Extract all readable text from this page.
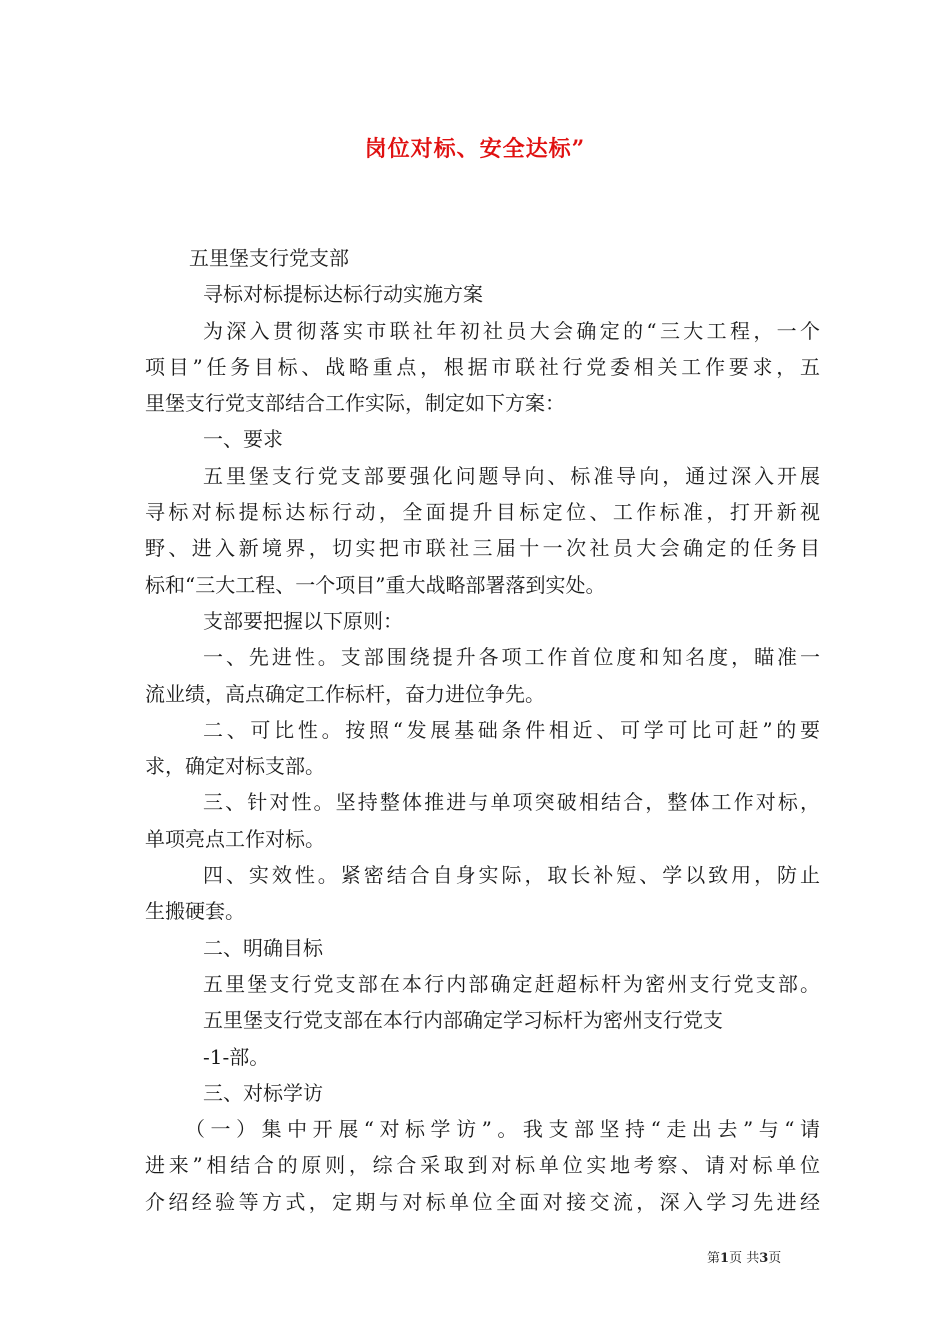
岗位对标、安全达标”
五里堡支行党支部
寻标对标提标达标行动实施方案
为深入贯彻落实市联社年初社员大会确定的“三大工程，一个
项目”任务目标、战略重点，根据市联社行党委相关工作要求，五
里堡支行党支部结合工作实际，制定如下方案：
一、要求
五里堡支行党支部要强化问题导向、标准导向，通过深入开展
寻标对标提标达标行动，全面提升目标定位、工作标准，打开新视
野、进入新境界，切实把市联社三届十一次社员大会确定的任务目
标和“三大工程、一个项目”重大战略部署落到实处。
支部要把握以下原则：
一、先进性。支部围绕提升各项工作首位度和知名度，瞄准一
流业绩，高点确定工作标杆，奋力进位争先。
二、可比性。按照“发展基础条件相近、可学可比可赶”的要
求，确定对标支部。
三、针对性。坚持整体推进与单项突破相结合，整体工作对标，
单项亮点工作对标。
四、实效性。紧密结合自身实际，取长补短、学以致用，防止
生搬硬套。
二、明确目标
五里堡支行党支部在本行内部确定赶超标杆为密州支行党支部。
五里堡支行党支部在本行内部确定学习标杆为密州支行党支
-1-部。
三、对标学访
（一）集中开展“对标学访”。我支部坚持“走出去”与“请
进来”相结合的原则，综合采取到对标单位实地考察、请对标单位
介绍经验等方式，定期与对标单位全面对接交流，深入学习先进经
第1页 共3页
